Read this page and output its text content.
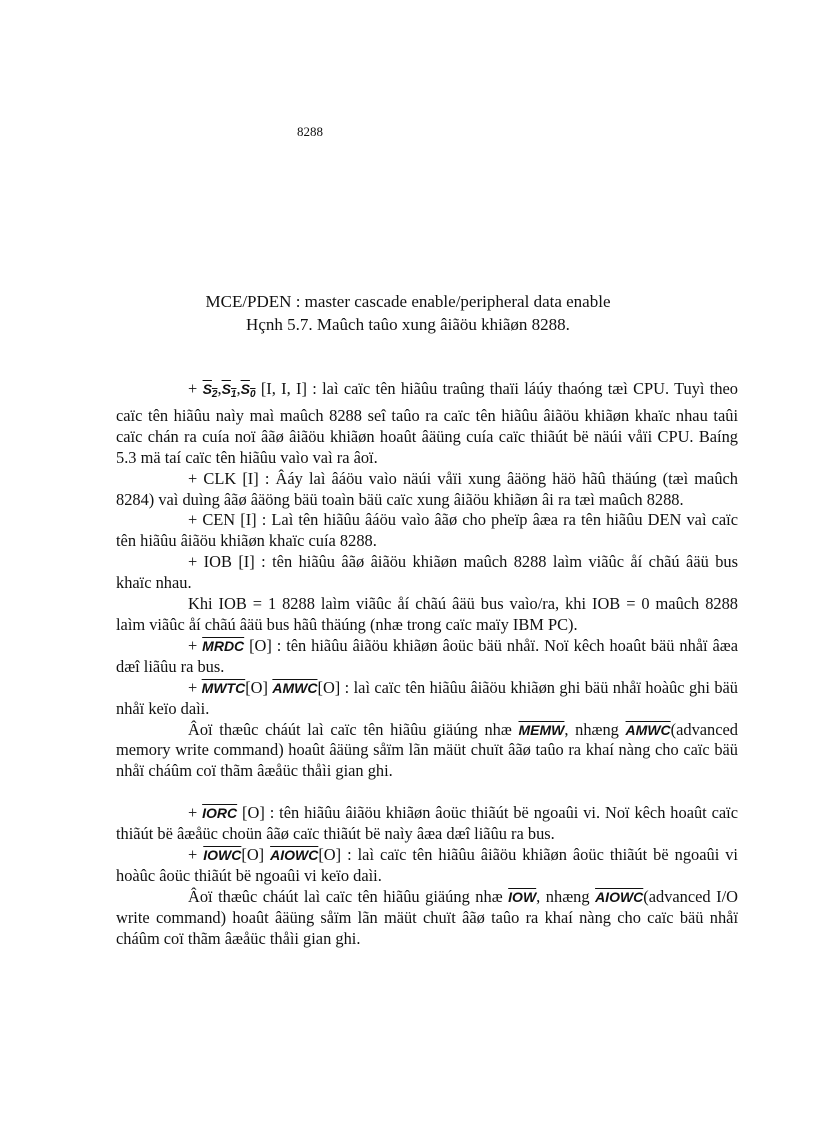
8288
MCE/PDEN : master cascade enable/peripheral data enable
Hçnh 5.7. Maûch taûo xung âiãöu khiãøn 8288.

+ $S_2,S_1,S_0$ [I, I, I] : laì caïc tên hiãûu traûng thaïi láúy thaóng tæì CPU. Tuyì theo caïc tên hiãûu naìy maì maûch 8288 seî taûo ra caïc tên hiãûu âiãöu khiãøn khaïc nhau taûi caïc chán ra cuía noï âãø âiãöu khiãøn hoaût âäüng cuía caïc thiãút bë näúi våïi CPU. Baíng 5.3 mä taí caïc tên hiãûu vaìo vaì ra âoï.

+ CLK [I] : Âáy laì âáöu vaìo näúi våïi xung âäöng häö hãû thäúng (tæì maûch 8284) vaì duìng âãø âäöng bäü toaìn bäü caïc xung âiãöu khiãøn âi ra tæì maûch 8288.

+ CEN [I] : Laì tên hiãûu âáöu vaìo âãø cho pheïp âæa ra tên hiãûu DEN vaì caïc tên hiãûu âiãöu khiãøn khaïc cuía 8288.

+ IOB [I] : tên hiãûu âãø âiãöu khiãøn maûch 8288 laìm viãûc åí chãú âäü bus khaïc nhau.

Khi IOB = 1 8288 laìm viãûc åí chãú âäü bus vaìo/ra, khi IOB = 0 maûch 8288 laìm viãûc åí chãú âäü bus hãû thäúng (nhæ trong caïc maïy IBM PC).

+ MRDC [O] : tên hiãûu âiãöu khiãøn âoüc bäü nhåï. Noï kêch hoaût bäü nhåï âæa dæî liãûu ra bus.

+ MWTC[O] AMWC[O] : laì caïc tên hiãûu âiãöu khiãøn ghi bäü nhåï hoàûc ghi bäü nhåï keïo daìi.

Âoï thæûc cháút laì caïc tên hiãûu giäúng nhæ MEMW, nhæng AMWC(advanced memory write command) hoaût âäüng såïm lãn mäüt chuït âãø taûo ra khaí nàng cho caïc bäü nhåï cháûm coï thãm âæåüc thåìi gian ghi.

+ IORC [O] : tên hiãûu âiãöu khiãøn âoüc thiãút bë ngoaûi vi. Noï kêch hoaût caïc thiãút bë âæåüc choün âãø caïc thiãút bë naìy âæa dæî liãûu ra bus.

+ IOWC[O] AIOWC[O] : laì caïc tên hiãûu âiãöu khiãøn âoüc thiãút bë ngoaûi vi hoàûc âoüc thiãút bë ngoaûi vi keïo daìi.

Âoï thæûc cháút laì caïc tên hiãûu giäúng nhæ $\overline{IOW}$, nhæng AIOWC(advanced I/O write command) hoaût âäüng såïm lãn mäüt chuït âãø taûo ra khaí nàng cho caïc bäü nhåï cháûm coï thãm âæåüc thåìi gian ghi.
